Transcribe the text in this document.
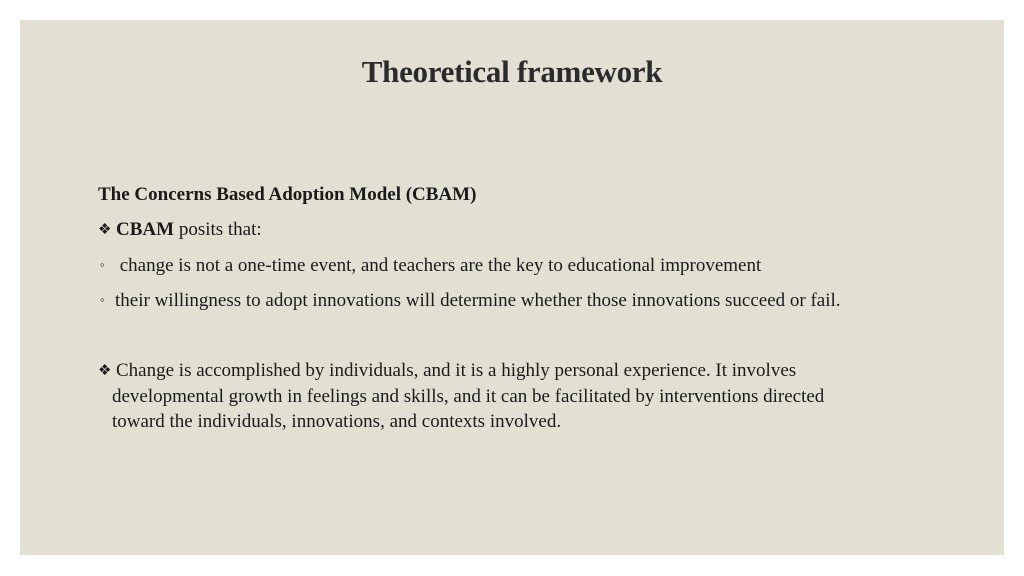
Theoretical framework
The Concerns Based Adoption Model (CBAM)
❖ CBAM posits that:
◦ change is not a one-time event, and teachers are the key to educational improvement
◦ their willingness to adopt innovations will determine whether those innovations succeed or fail.
❖ Change is accomplished by individuals, and it is a highly personal experience. It involves
developmental growth in feelings and skills, and it can be facilitated by interventions directed
toward the individuals, innovations, and contexts involved.
